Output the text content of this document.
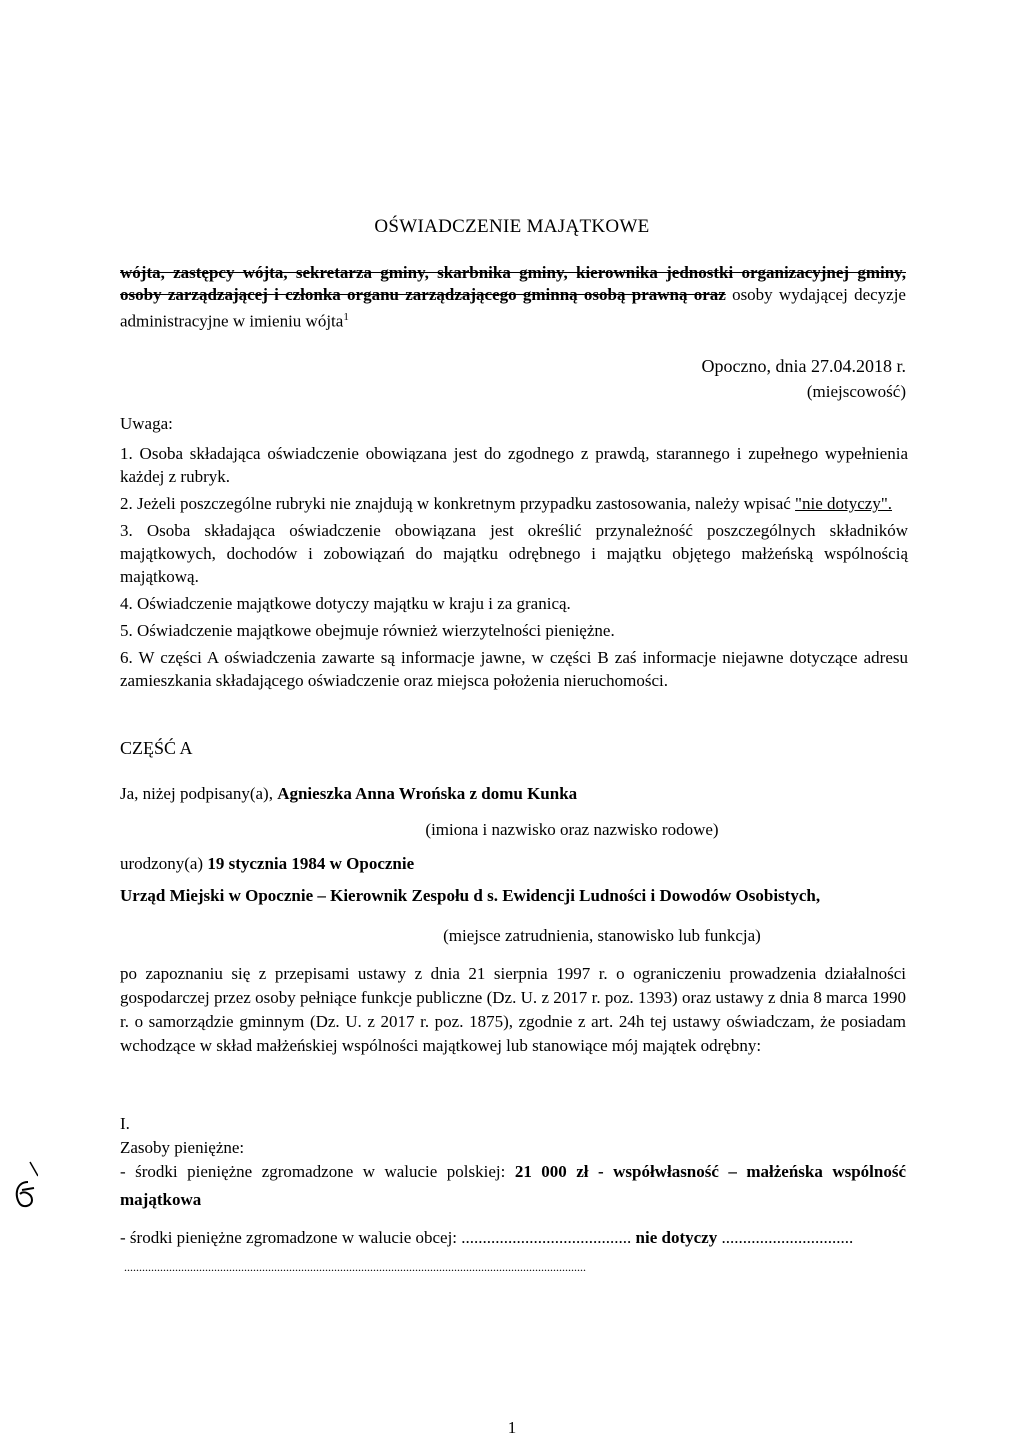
OŚWIADCZENIE MAJĄTKOWE
wójta, zastępcy wójta, sekretarza gminy, skarbnika gminy, kierownika jednostki organizacyjnej gminy, osoby zarządzającej i członka organu zarządzającego gminną osobą prawną oraz osoby wydającej decyzje administracyjne w imieniu wójta$^1$
Opoczno, dnia 27.04.2018 r.
(miejscowość)
Uwaga:

1. Osoba składająca oświadczenie obowiązana jest do zgodnego z prawdą, starannego i zupełnego wypełnienia każdej z rubryk.

2. Jeżeli poszczególne rubryki nie znajdują w konkretnym przypadku zastosowania, należy wpisać "nie dotyczy".

3. Osoba składająca oświadczenie obowiązana jest określić przynależność poszczególnych składników majątkowych, dochodów i zobowiązań do majątku odrębnego i majątku objętego małżeńską wspólnością majątkową.

4. Oświadczenie majątkowe dotyczy majątku w kraju i za granicą.

5. Oświadczenie majątkowe obejmuje również wierzytelności pieniężne.

6. W części A oświadczenia zawarte są informacje jawne, w części B zaś informacje niejawne dotyczące adresu zamieszkania składającego oświadczenie oraz miejsca położenia nieruchomości.

CZĘŚĆ A
Ja, niżej podpisany(a), Agnieszka Anna Wrońska z domu Kunka
(imiona i nazwisko oraz nazwisko rodowe)
urodzony(a) 19 stycznia 1984 w Opocznie
Urząd Miejski w Opocznie – Kierownik Zespołu d s. Ewidencji Ludności i Dowodów Osobistych,
(miejsce zatrudnienia, stanowisko lub funkcja)
po zapoznaniu się z przepisami ustawy z dnia 21 sierpnia 1997 r. o ograniczeniu prowadzenia działalności gospodarczej przez osoby pełniące funkcje publiczne (Dz. U. z 2017 r. poz. 1393) oraz ustawy z dnia 8 marca 1990 r. o samorządzie gminnym (Dz. U. z 2017 r. poz. 1875), zgodnie z art. 24h tej ustawy oświadczam, że posiadam wchodzące w skład małżeńskiej wspólności majątkowej lub stanowiące mój majątek odrębny:
I.
Zasoby pieniężne:
- środki pieniężne zgromadzone w walucie polskiej: 21 000 zł - współwłasność – małżeńska wspólność majątkowa
- środki pieniężne zgromadzone w walucie obcej: ........................................ nie dotyczy ...............................
..........................................................................................................................................................
1
